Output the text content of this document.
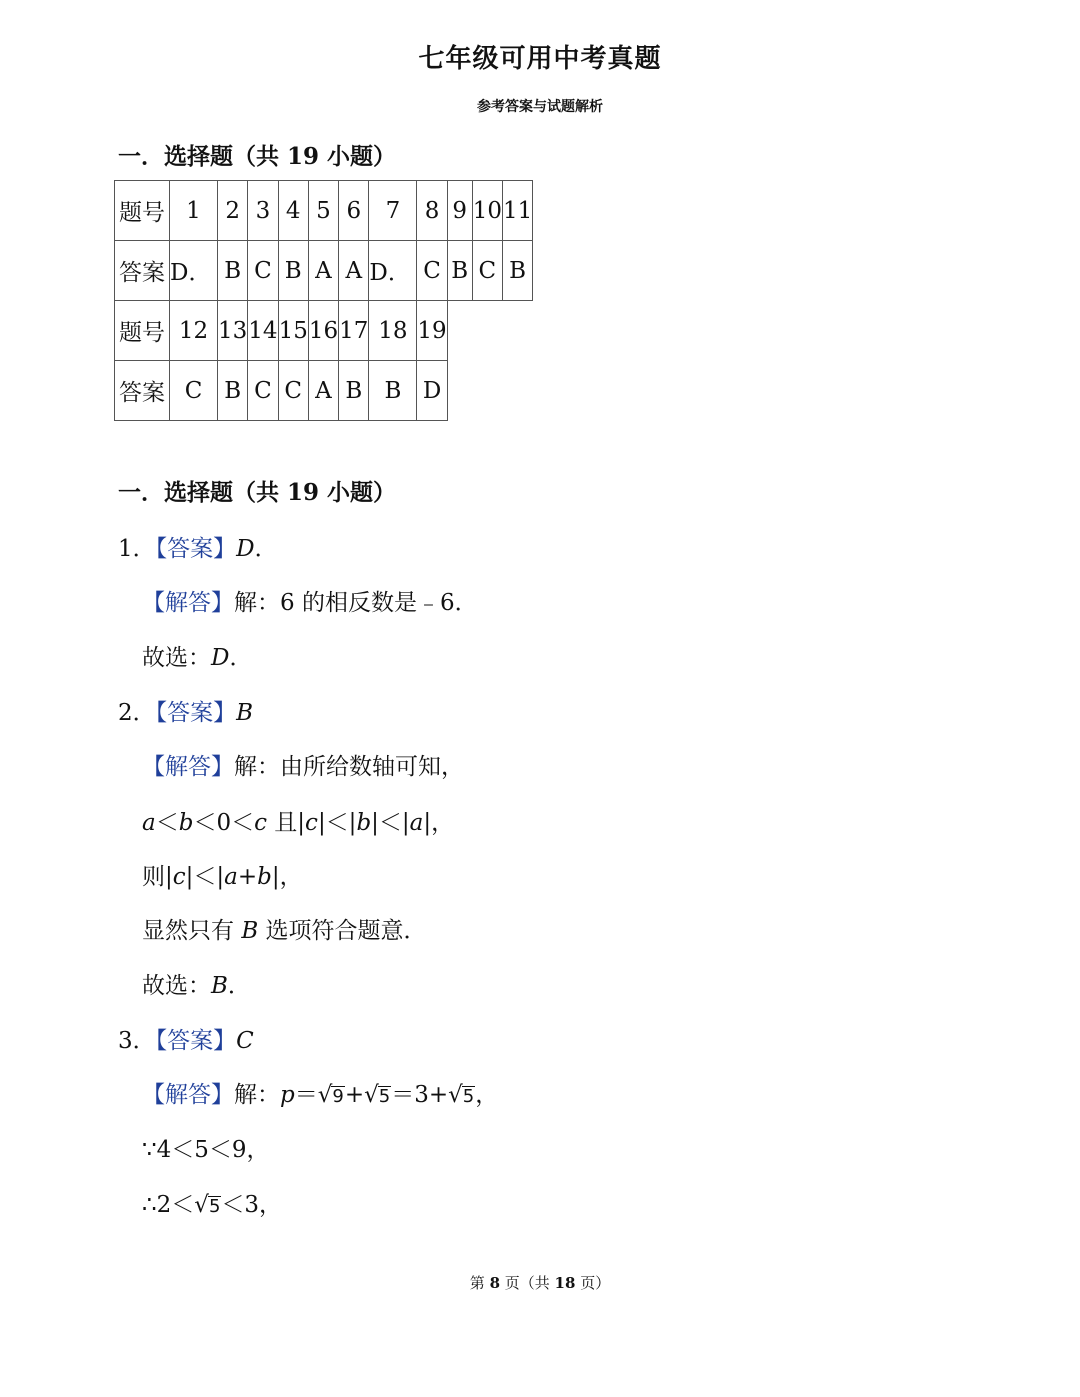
七年级可用中考真题
参考答案与试题解析
一．选择题（共 19 小题）
题号	1	2	3	4	5	6	7	8	9	10	11
答案	D．	B	C	B	A	A	D．	C	B	C	B
题号	12	13	14	15	16	17	18	19			
答案	C	B	C	C	A	B	B	D			
一．选择题（共 19 小题）
1．【答案】D．
【解答】解：6 的相反数是﹣6．
故选：D．
2．【答案】B
【解答】解：由所给数轴可知，
a＜b＜0＜c 且|c|＜|b|＜|a|，
则|c|＜|a+b|，
显然只有 B 选项符合题意．
故选：B．
3．【答案】C
【解答】解：p＝√9+√5＝3+√5，
∵4＜5＜9，
∴2＜√5＜3，
第 8 页（共 18 页）
